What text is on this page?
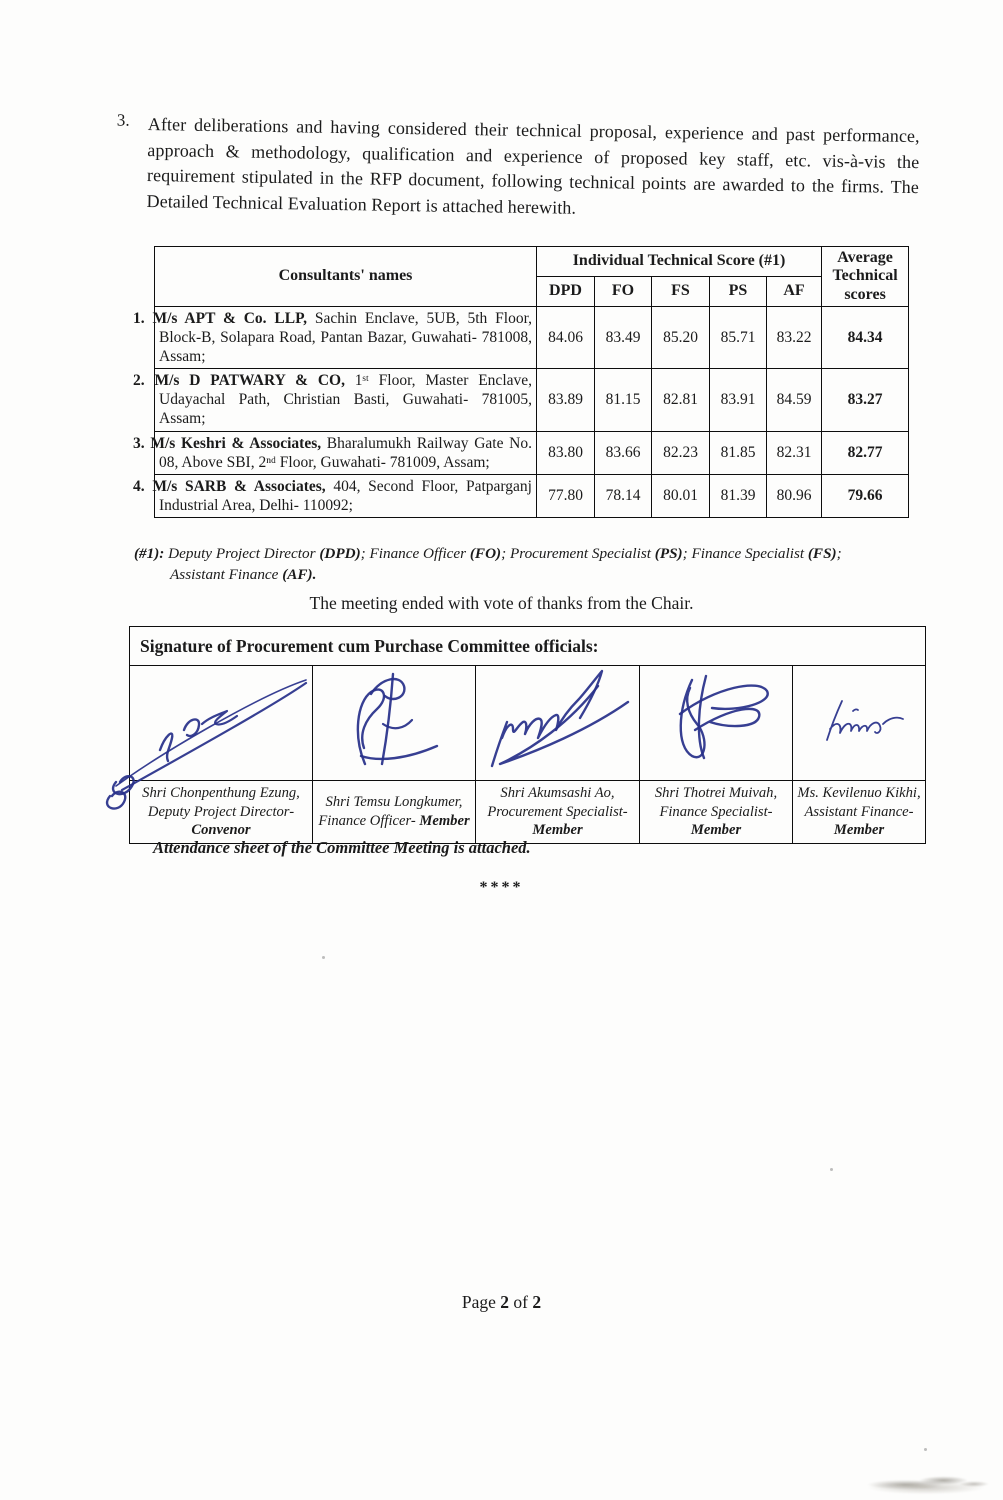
3. After deliberations and having considered their technical proposal, experience and past performance, approach & methodology, qualification and experience of proposed key staff, etc. vis-à-vis the requirement stipulated in the RFP document, following technical points are awarded to the firms. The Detailed Technical Evaluation Report is attached herewith.
Consultants' names	Individual Technical Score (#1)					Average Technical scores
	DPD	FO	FS	PS	AF	
1. M/s APT & Co. LLP, Sachin Enclave, 5UB, 5th Floor, Block-B, Solapara Road, Pantan Bazar, Guwahati- 781008, Assam;	84.06	83.49	85.20	85.71	83.22	84.34
2. M/s D PATWARY & CO, 1ˢᵗ Floor, Master Enclave, Udayachal Path, Christian Basti, Guwahati- 781005, Assam;	83.89	81.15	82.81	83.91	84.59	83.27
3. M/s Keshri & Associates, Bharalumukh Railway Gate No. 08, Above SBI, 2ⁿᵈ Floor, Guwahati- 781009, Assam;	83.80	83.66	82.23	81.85	82.31	82.77
4. M/s SARB & Associates, 404, Second Floor, Patparganj Industrial Area, Delhi- 110092;	77.80	78.14	80.01	81.39	80.96	79.66
(#1): Deputy Project Director (DPD); Finance Officer (FO); Procurement Specialist (PS); Finance Specialist (FS);
Assistant Finance (AF).
The meeting ended with vote of thanks from the Chair.
Signature of Procurement cum Purchase Committee officials:				

Shri Chonpenthung Ezung,
Deputy Project Director-
Convenor

Shri Temsu Longkumer,
Finance Officer- Member

Shri Akumsashi Ao,
Procurement Specialist-
Member

Shri Thotrei Muivah,
Finance Specialist-
Member

Ms. Kevilenuo Kikhi,
Assistant Finance-
Member
Attendance sheet of the Committee Meeting is attached.
****
Page 2 of 2
